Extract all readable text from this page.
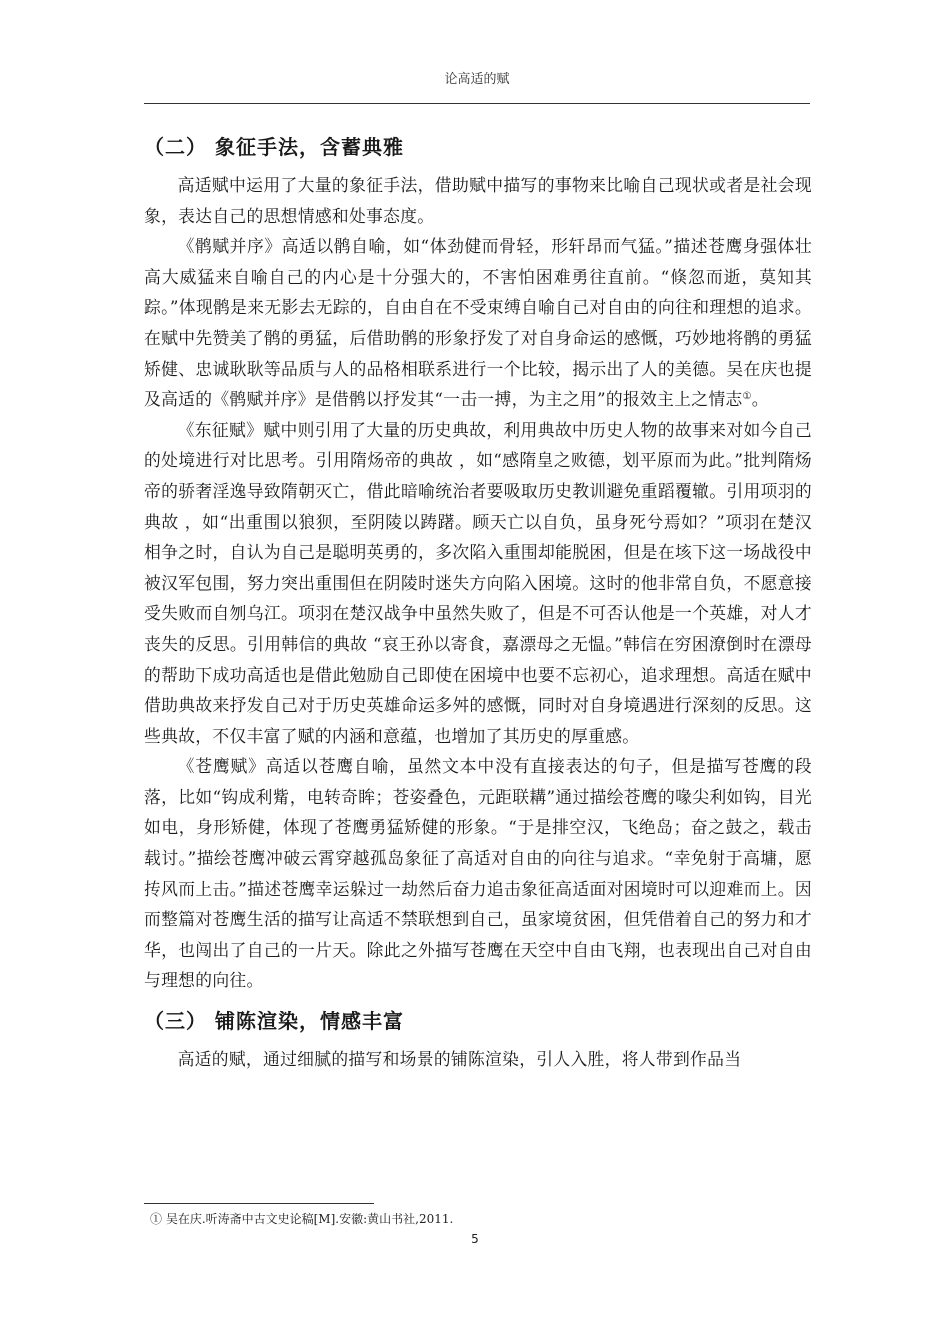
论高适的赋
（二） 象征手法，含蓄典雅

高适赋中运用了大量的象征手法，借助赋中描写的事物来比喻自己现状或者是社会现象，表达自己的思想情感和处事态度。

《鹘赋并序》高适以鹘自喻，如“体劲健而骨轻，形轩昂而气猛。”描述苍鹰身强体壮高大威猛来自喻自己的内心是十分强大的，不害怕困难勇往直前。“倏忽而逝，莫知其踪。”体现鹘是来无影去无踪的，自由自在不受束缚自喻自己对自由的向往和理想的追求。在赋中先赞美了鹘的勇猛，后借助鹘的形象抒发了对自身命运的感慨，巧妙地将鹘的勇猛矫健、忠诚耿耿等品质与人的品格相联系进行一个比较，揭示出了人的美德。吴在庆也提及高适的《鹘赋并序》是借鹘以抒发其“一击一搏，为主之用”的报效主上之情志①。

《东征赋》赋中则引用了大量的历史典故，利用典故中历史人物的故事来对如今自己的处境进行对比思考。引用隋炀帝的典故 ，如“感隋皇之败德，划平原而为此。”批判隋炀帝的骄奢淫逸导致隋朝灭亡，借此暗喻统治者要吸取历史教训避免重蹈覆辙。引用项羽的典故 ，如“出重围以狼狈，至阴陵以踌躇。顾天亡以自负，虽身死兮焉如？”项羽在楚汉相争之时，自认为自己是聪明英勇的，多次陷入重围却能脱困，但是在垓下这一场战役中被汉军包围，努力突出重围但在阴陵时迷失方向陷入困境。这时的他非常自负，不愿意接受失败而自刎乌江。项羽在楚汉战争中虽然失败了，但是不可否认他是一个英雄，对人才丧失的反思。引用韩信的典故 “哀王孙以寄食，嘉漂母之无愠。”韩信在穷困潦倒时在漂母的帮助下成功高适也是借此勉励自己即使在困境中也要不忘初心，追求理想。高适在赋中借助典故来抒发自己对于历史英雄命运多舛的感慨，同时对自身境遇进行深刻的反思。这些典故，不仅丰富了赋的内涵和意蕴，也增加了其历史的厚重感。

《苍鹰赋》高适以苍鹰自喻，虽然文本中没有直接表达的句子，但是描写苍鹰的段落，比如“钩成利觜，电转奇眸；苍姿叠色，元距联耩”通过描绘苍鹰的喙尖利如钩，目光如电，身形矫健，体现了苍鹰勇猛矫健的形象。“于是排空汉，飞绝岛；奋之鼓之，载击载讨。”描绘苍鹰冲破云霄穿越孤岛象征了高适对自由的向往与追求。“幸免射于高墉，愿抟风而上击。”描述苍鹰幸运躲过一劫然后奋力追击象征高适面对困境时可以迎难而上。因而整篇对苍鹰生活的描写让高适不禁联想到自己，虽家境贫困，但凭借着自己的努力和才华，也闯出了自己的一片天。除此之外描写苍鹰在天空中自由飞翔，也表现出自己对自由与理想的向往。

（三） 铺陈渲染，情感丰富

高适的赋，通过细腻的描写和场景的铺陈渲染，引人入胜，将人带到作品当

① 吴在庆.听涛斋中古文史论稿[M].安徽:黄山书社,2011.
5
